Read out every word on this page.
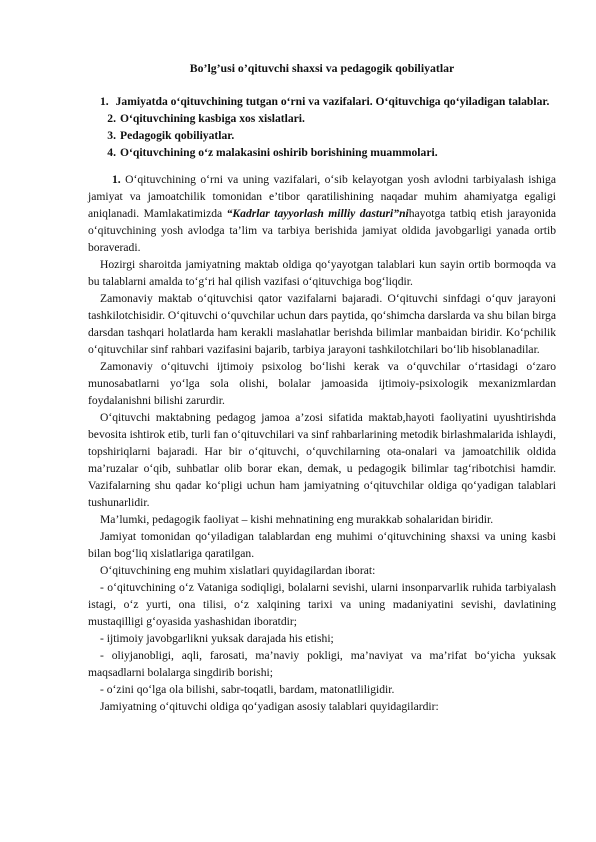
Bo’lg’usi o’qituvchi shaxsi va pedagogik qobiliyatlar
1. Jamiyatda o‘qituvchining tutgan o‘rni va vazifalari. O‘qituvchiga qo‘yiladigan talablar.
2. O‘qituvchining kasbiga xos xislatlari.
3. Pedagogik qobiliyatlar.
4. O‘qituvchining o‘z malakasini oshirib borishining muammolari.

1. O‘qituvchining o‘rni va uning vazifalari, o‘sib kelayotgan yosh avlodni tarbiyalash ishiga jamiyat va jamoatchilik tomonidan e’tibor qaratilishining naqadar muhim ahamiyatga egaligi aniqlanadi. Mamlakatimizda “Kadrlar tayyorlash milliy dasturi”nihayotga tatbiq etish jarayonida o‘qituvchining yosh avlodga ta’lim va tarbiya berishida jamiyat oldida javobgarligi yanada ortib boraveradi.

Hozirgi sharoitda jamiyatning maktab oldiga qo‘yayotgan talablari kun sayin ortib bormoqda va bu talablarni amalda to‘g‘ri hal qilish vazifasi o‘qituvchiga bog‘liqdir.

Zamonaviy maktab o‘qituvchisi qator vazifalarni bajaradi. O‘qituvchi sinfdagi o‘quv jarayoni tashkilotchisidir. O‘qituvchi o‘quvchilar uchun dars paytida, qo‘shimcha darslarda va shu bilan birga darsdan tashqari holatlarda ham kerakli maslahatlar berishda bilimlar manbaidan biridir. Ko‘pchilik o‘qituvchilar sinf rahbari vazifasini bajarib, tarbiya jarayoni tashkilotchilari bo‘lib hisoblanadilar.

Zamonaviy o‘qituvchi ijtimoiy psixolog bo‘lishi kerak va o‘quvchilar o‘rtasidagi o‘zaro munosabatlarni yo‘lga sola olishi, bolalar jamoasida ijtimoiy-psixologik mexanizmlardan foydalanishni bilishi zarurdir.

O‘qituvchi maktabning pedagog jamoa a’zosi sifatida maktab,hayoti faoliyatini uyushtirishda bevosita ishtirok etib, turli fan o‘qituvchilari va sinf rahbarlarining metodik birlashmalarida ishlaydi, topshiriqlarni bajaradi. Har bir o‘qituvchi, o‘quvchilarning ota-onalari va jamoatchilik oldida ma’ruzalar o‘qib, suhbatlar olib borar ekan, demak, u pedagogik bilimlar tag‘ribotchisi hamdir. Vazifalarning shu qadar ko‘pligi uchun ham jamiyatning o‘qituvchilar oldiga qo‘yadigan talablari tushunarlidir.

Ma’lumki, pedagogik faoliyat – kishi mehnatining eng murakkab sohalaridan biridir.

Jamiyat tomonidan qo‘yiladigan talablardan eng muhimi o‘qituvchining shaxsi va uning kasbi bilan bog‘liq xislatlariga qaratilgan.

O‘qituvchining eng muhim xislatlari quyidagilardan iborat:

- o‘qituvchining o‘z Vataniga sodiqligi, bolalarni sevishi, ularni insonparvarlik ruhida tarbiyalash istagi, o‘z yurti, ona tilisi, o‘z xalqining tarixi va uning madaniyatini sevishi, davlatining mustaqilligi g‘oyasida yashashidan iboratdir;

- ijtimoiy javobgarlikni yuksak darajada his etishi;

- oliyjanobligi, aqli, farosati, ma’naviy pokligi, ma’naviyat va ma’rifat bo‘yicha yuksak maqsadlarni bolalarga singdirib borishi;

- o‘zini qo‘lga ola bilishi, sabr-toqatli, bardam, matonatliligidir.

Jamiyatning o‘qituvchi oldiga qo‘yadigan asosiy talablari quyidagilardir:
